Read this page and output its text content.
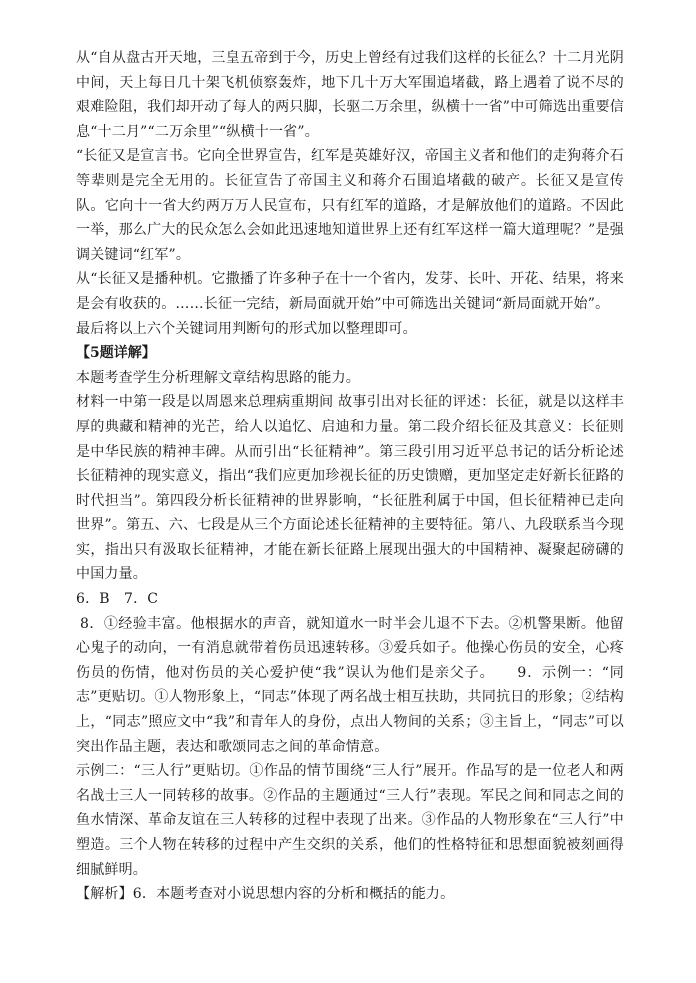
从“自从盘古开天地，三皇五帝到于今，历史上曾经有过我们这样的长征么？十二月光阴中间，天上每日几十架飞机侦察轰炸，地下几十万大军围追堵截，路上遇着了说不尽的艰难险阻，我们却开动了每人的两只脚，长驱二万余里，纵横十一省”中可筛选出重要信息“十二月”“二万余里”“纵横十一省”。

“长征又是宣言书。它向全世界宣告，红军是英雄好汉，帝国主义者和他们的走狗蒋介石等辈则是完全无用的。长征宣告了帝国主义和蒋介石围追堵截的破产。长征又是宣传队。它向十一省大约两万万人民宣布，只有红军的道路，才是解放他们的道路。不因此一举，那么广大的民众怎么会如此迅速地知道世界上还有红军这样一篇大道理呢？”是强调关键词“红军”。

从“长征又是播种机。它撒播了许多种子在十一个省内，发芽、长叶、开花、结果，将来是会有收获的。……长征一完结，新局面就开始”中可筛选出关键词“新局面就开始”。

最后将以上六个关键词用判断句的形式加以整理即可。

【5题详解】

本题考查学生分析理解文章结构思路的能力。

材料一中第一段是以周恩来总理病重期间 故事引出对长征的评述：长征，就是以这样丰厚的典藏和精神的光芒，给人以追忆、启迪和力量。第二段介绍长征及其意义：长征则是中华民族的精神丰碑。从而引出“长征精神”。第三段引用习近平总书记的话分析论述长征精神的现实意义，指出“我们应更加珍视长征的历史馈赠，更加坚定走好新长征路的时代担当”。第四段分析长征精神的世界影响，“长征胜利属于中国，但长征精神已走向世界”。第五、六、七段是从三个方面论述长征精神的主要特征。第八、九段联系当今现实，指出只有汲取长征精神，才能在新长征路上展现出强大的中国精神、凝聚起磅礴的中国力量。

6．B　7．C

8．①经验丰富。他根据水的声音，就知道水一时半会儿退不下去。②机警果断。他留心鬼子的动向，一有消息就带着伤员迅速转移。③爱兵如子。他操心伤员的安全，心疼伤员的伤情，他对伤员的关心爱护使“我”误认为他们是亲父子。　　9．示例一：“同志”更贴切。①人物形象上，“同志”体现了两名战士相互扶助，共同抗日的形象；②结构上，“同志”照应文中“我”和青年人的身份，点出人物间的关系；③主旨上，“同志”可以突出作品主题，表达和歌颂同志之间的革命情意。

示例二：“三人行”更贴切。①作品的情节围绕“三人行”展开。作品写的是一位老人和两名战士三人一同转移的故事。②作品的主题通过“三人行”表现。军民之间和同志之间的鱼水情深、革命友谊在三人转移的过程中表现了出来。③作品的人物形象在“三人行”中塑造。三个人物在转移的过程中产生交织的关系，他们的性格特征和思想面貌被刻画得细腻鲜明。

【解析】6．本题考查对小说思想内容的分析和概括的能力。
